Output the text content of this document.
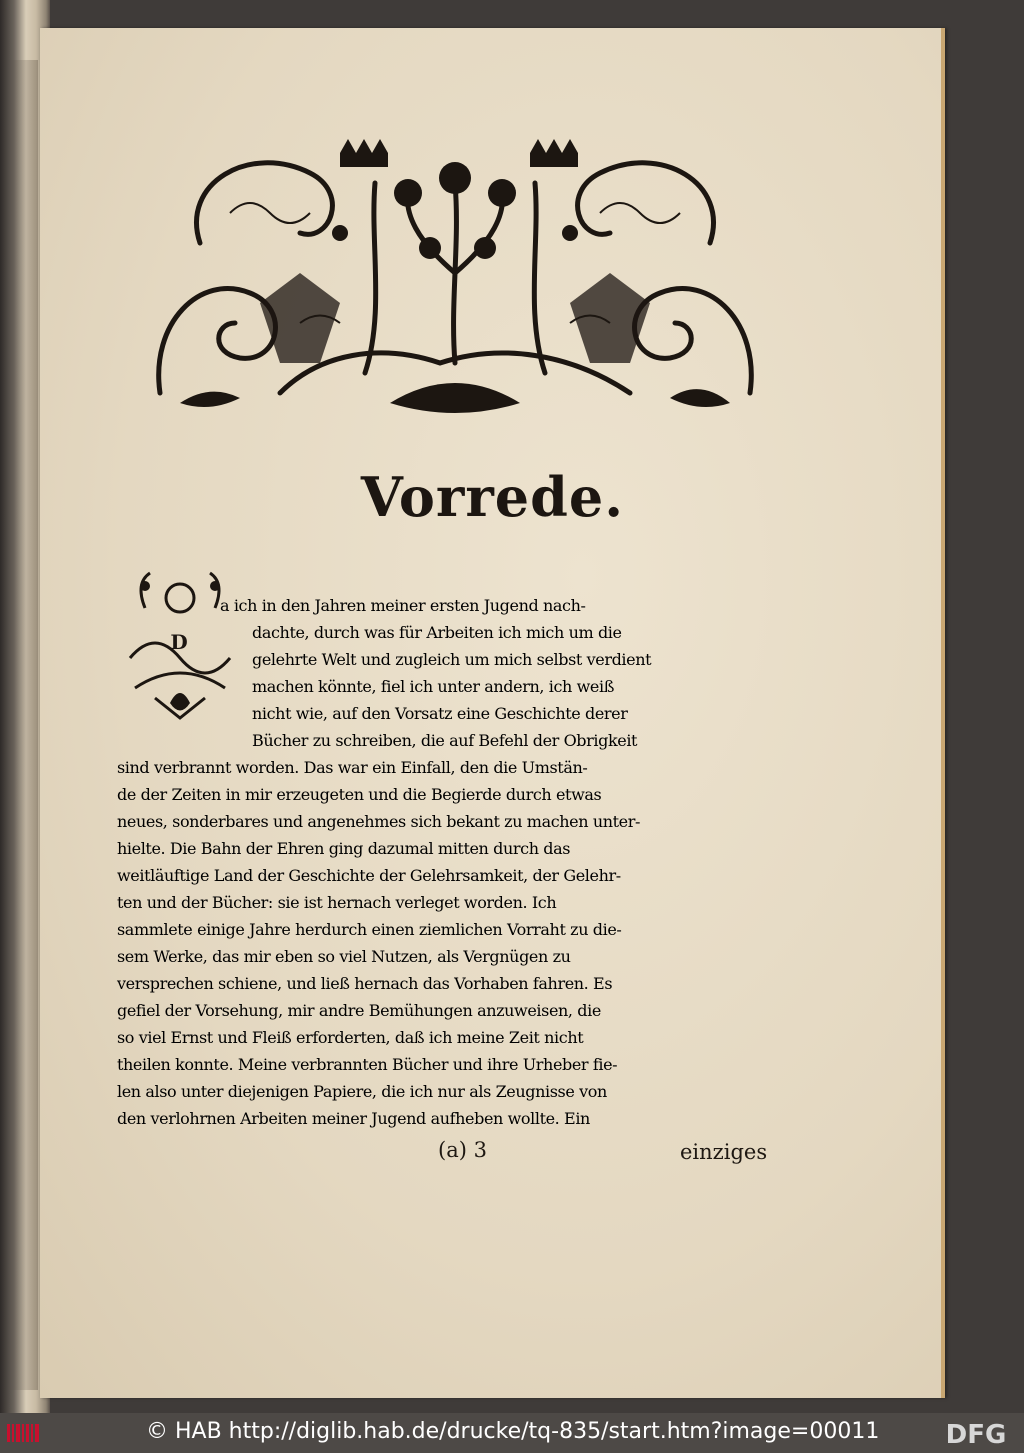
Vorrede.
D
a ich in den Jahren meiner ersten Jugend nach-
dachte, durch was für Arbeiten ich mich um die
gelehrte Welt und zugleich um mich selbst verdient
machen könnte, fiel ich unter andern, ich weiß
nicht wie, auf den Vorsatz eine Geschichte derer
Bücher zu schreiben, die auf Befehl der Obrigkeit
sind verbrannt worden. Das war ein Einfall, den die Umstän-
de der Zeiten in mir erzeugeten und die Begierde durch etwas
neues, sonderbares und angenehmes sich bekant zu machen unter-
hielte. Die Bahn der Ehren ging dazumal mitten durch das
weitläuftige Land der Geschichte der Gelehrsamkeit, der Gelehr-
ten und der Bücher: sie ist hernach verleget worden. Ich
sammlete einige Jahre herdurch einen ziemlichen Vorraht zu die-
sem Werke, das mir eben so viel Nutzen, als Vergnügen zu
versprechen schiene, und ließ hernach das Vorhaben fahren. Es
gefiel der Vorsehung, mir andre Bemühungen anzuweisen, die
so viel Ernst und Fleiß erforderten, daß ich meine Zeit nicht
theilen konnte. Meine verbrannten Bücher und ihre Urheber fie-
len also unter diejenigen Papiere, die ich nur als Zeugnisse von
den verlohrnen Arbeiten meiner Jugend aufheben wollte. Ein
(a) 3	einziges
© HAB http://diglib.hab.de/drucke/tq-835/start.htm?image=00011	DFG
